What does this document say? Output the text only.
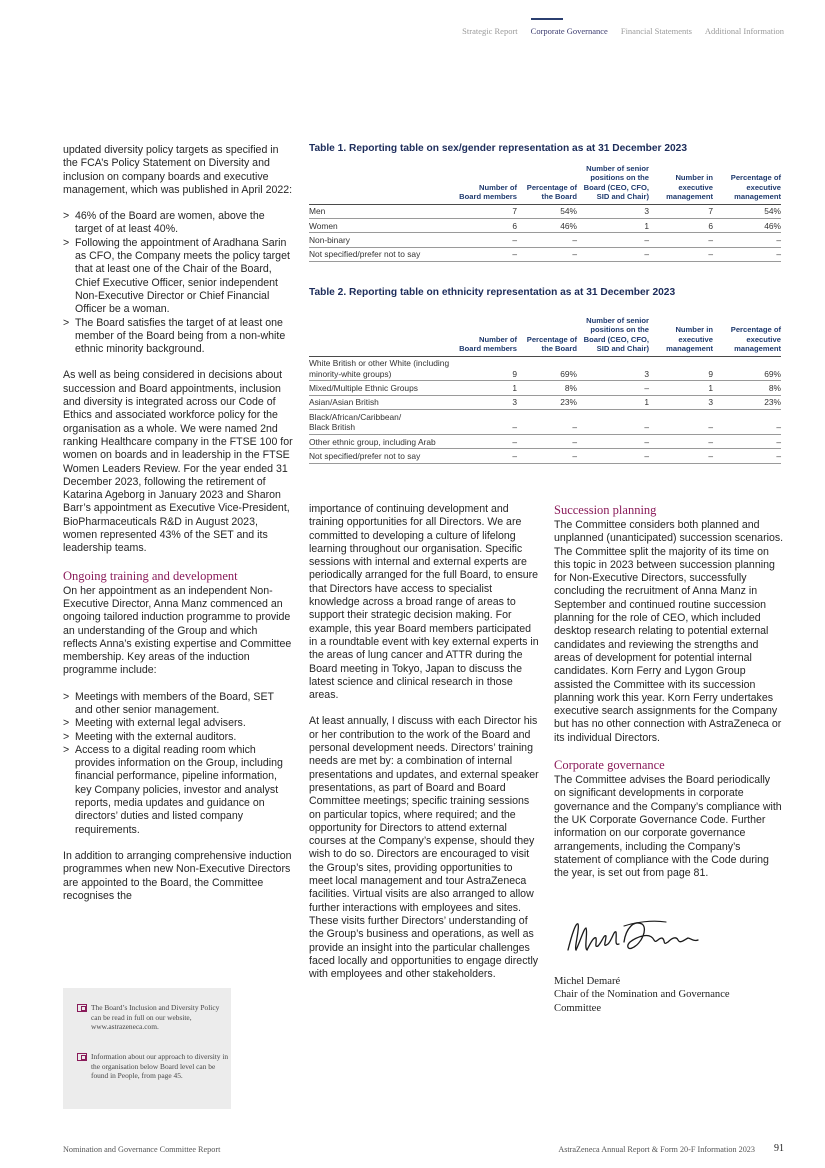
Strategic Report Corporate Governance Financial Statements Additional Information

updated diversity policy targets as specified in the FCA’s Policy Statement on Diversity and inclusion on company boards and executive management, which was published in April 2022:

> 46% of the Board are women, above the target of at least 40%.
> Following the appointment of Aradhana Sarin as CFO, the Company meets the policy target that at least one of the Chair of the Board, Chief Executive Officer, senior independent Non-Executive Director or Chief Financial Officer be a woman.
> The Board satisfies the target of at least one member of the Board being from a non-white ethnic minority background.

As well as being considered in decisions about succession and Board appointments, inclusion and diversity is integrated across our Code of Ethics and associated workforce policy for the organisation as a whole. We were named 2nd ranking Healthcare company in the FTSE 100 for women on boards and in leadership in the FTSE Women Leaders Review. For the year ended 31 December 2023, following the retirement of Katarina Ageborg in January 2023 and Sharon Barr’s appointment as Executive Vice-President, BioPharmaceuticals R&D in August 2023, women represented 43% of the SET and its leadership teams.

Ongoing training and development

On her appointment as an independent Non-Executive Director, Anna Manz commenced an ongoing tailored induction programme to provide an understanding of the Group and which reflects Anna’s existing expertise and Committee membership. Key areas of the induction programme include:

> Meetings with members of the Board, SET and other senior management.
> Meeting with external legal advisers.
> Meeting with the external auditors.
> Access to a digital reading room which provides information on the Group, including financial performance, pipeline information, key Company policies, investor and analyst reports, media updates and guidance on directors’ duties and listed company requirements.

In addition to arranging comprehensive induction programmes when new Non-Executive Directors are appointed to the Board, the Committee recognises the

The Board’s Inclusion and Diversity Policy can be read in full on our website, www.astrazeneca.com.
Information about our approach to diversity in the organisation below Board level can be found in People, from page 45.
Table 1. Reporting table on sex/gender representation as at 31 December 2023
	Number of Board members	Percentage of the Board	Number of senior positions on the Board (CEO, CFO, SID and Chair)	Number in executive management	Percentage of executive management
Men	7	54%	3	7	54%
Women	6	46%	1	6	46%
Non-binary	–	–	–	–	–
Not specified/prefer not to say	–	–	–	–	–
Table 2. Reporting table on ethnicity representation as at 31 December 2023
	Number of Board members	Percentage of the Board	Number of senior positions on the Board (CEO, CFO, SID and Chair)	Number in executive management	Percentage of executive management
White British or other White (including minority-white groups)	9	69%	3	9	69%
Mixed/Multiple Ethnic Groups	1	8%	–	1	8%
Asian/Asian British	3	23%	1	3	23%
Black/African/Caribbean/ Black British	–	–	–	–	–
Other ethnic group, including Arab	–	–	–	–	–
Not specified/prefer not to say	–	–	–	–	–

importance of continuing development and training opportunities for all Directors. We are committed to developing a culture of lifelong learning throughout our organisation. Specific sessions with internal and external experts are periodically arranged for the full Board, to ensure that Directors have access to specialist knowledge across a broad range of areas to support their strategic decision making. For example, this year Board members participated in a roundtable event with key external experts in the areas of lung cancer and ATTR during the Board meeting in Tokyo, Japan to discuss the latest science and clinical research in those areas.

At least annually, I discuss with each Director his or her contribution to the work of the Board and personal development needs. Directors’ training needs are met by: a combination of internal presentations and updates, and external speaker presentations, as part of Board and Board Committee meetings; specific training sessions on particular topics, where required; and the opportunity for Directors to attend external courses at the Company’s expense, should they wish to do so. Directors are encouraged to visit the Group’s sites, providing opportunities to meet local management and tour AstraZeneca facilities. Virtual visits are also arranged to allow further interactions with employees and sites. These visits further Directors’ understanding of the Group’s business and operations, as well as provide an insight into the particular challenges faced locally and opportunities to engage directly with employees and other stakeholders.

Succession planning

The Committee considers both planned and unplanned (unanticipated) succession scenarios. The Committee split the majority of its time on this topic in 2023 between succession planning for Non-Executive Directors, successfully concluding the recruitment of Anna Manz in September and continued routine succession planning for the role of CEO, which included desktop research relating to potential external candidates and reviewing the strengths and areas of development for potential internal candidates. Korn Ferry and Lygon Group assisted the Committee with its succession planning work this year. Korn Ferry undertakes executive search assignments for the Company but has no other connection with AstraZeneca or its individual Directors.

Corporate governance

The Committee advises the Board periodically on significant developments in corporate governance and the Company’s compliance with the UK Corporate Governance Code. Further information on our corporate governance arrangements, including the Company’s statement of compliance with the Code during the year, is set out from page 81.

Michel Demaré
Chair of the Nomination and Governance Committee
Nomination and Governance Committee Report	AstraZeneca Annual Report & Form 20-F Information 2023 91
